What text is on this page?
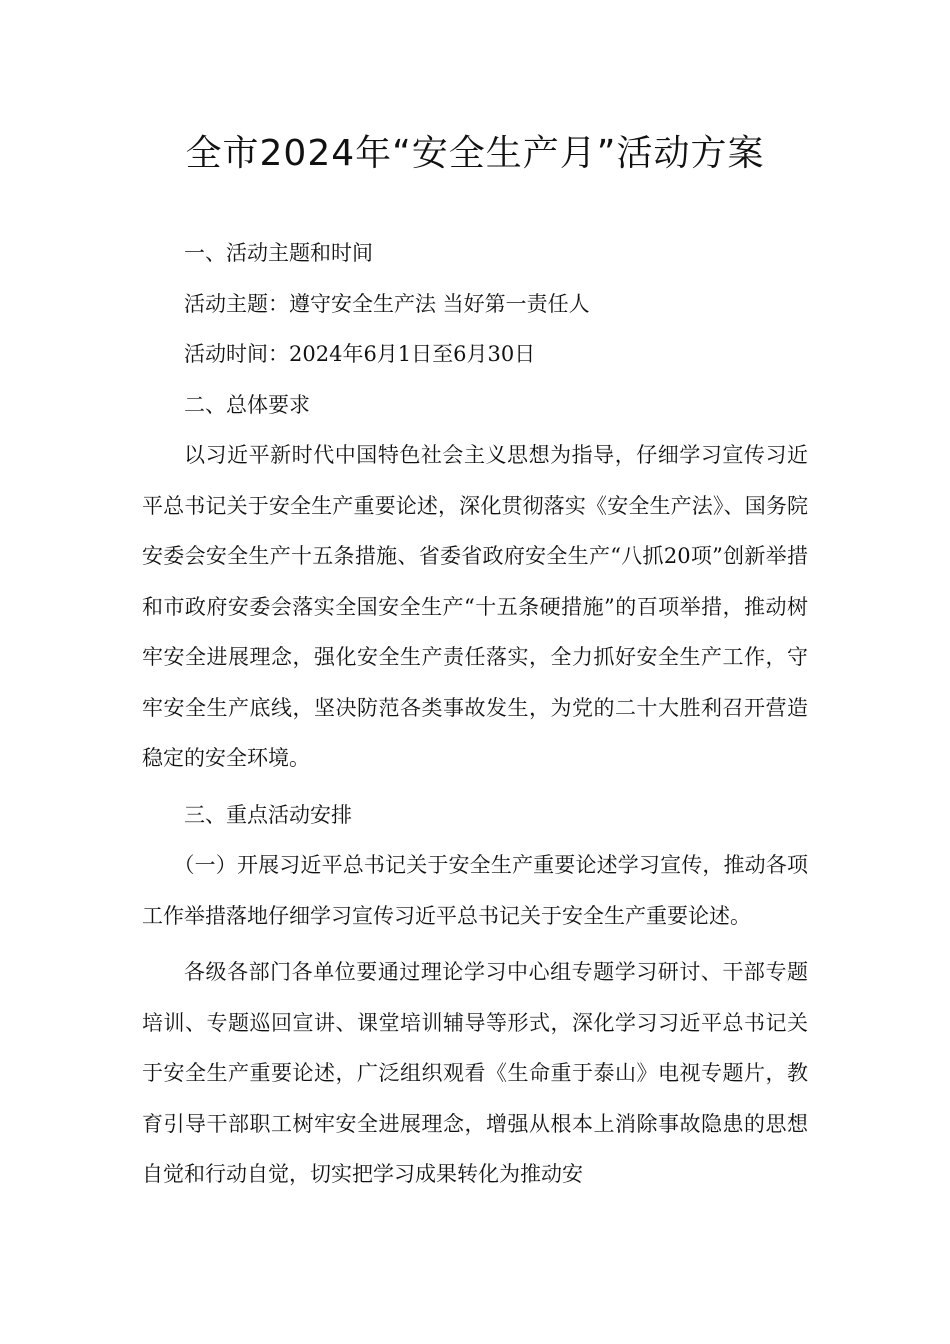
全市2024年“安全生产月”活动方案

一、活动主题和时间

活动主题：遵守安全生产法 当好第一责任人

活动时间：2024年6月1日至6月30日

二、总体要求

以习近平新时代中国特色社会主义思想为指导，仔细学习宣传习近平总书记关于安全生产重要论述，深化贯彻落实《安全生产法》、国务院安委会安全生产十五条措施、省委省政府安全生产“八抓20项”创新举措和市政府安委会落实全国安全生产“十五条硬措施”的百项举措，推动树牢安全进展理念，强化安全生产责任落实，全力抓好安全生产工作，守牢安全生产底线，坚决防范各类事故发生，为党的二十大胜利召开营造稳定的安全环境。

三、重点活动安排

（一）开展习近平总书记关于安全生产重要论述学习宣传，推动各项工作举措落地仔细学习宣传习近平总书记关于安全生产重要论述。

各级各部门各单位要通过理论学习中心组专题学习研讨、干部专题培训、专题巡回宣讲、课堂培训辅导等形式，深化学习习近平总书记关于安全生产重要论述，广泛组织观看《生命重于泰山》电视专题片，教育引导干部职工树牢安全进展理念，增强从根本上消除事故隐患的思想自觉和行动自觉，切实把学习成果转化为推动安
